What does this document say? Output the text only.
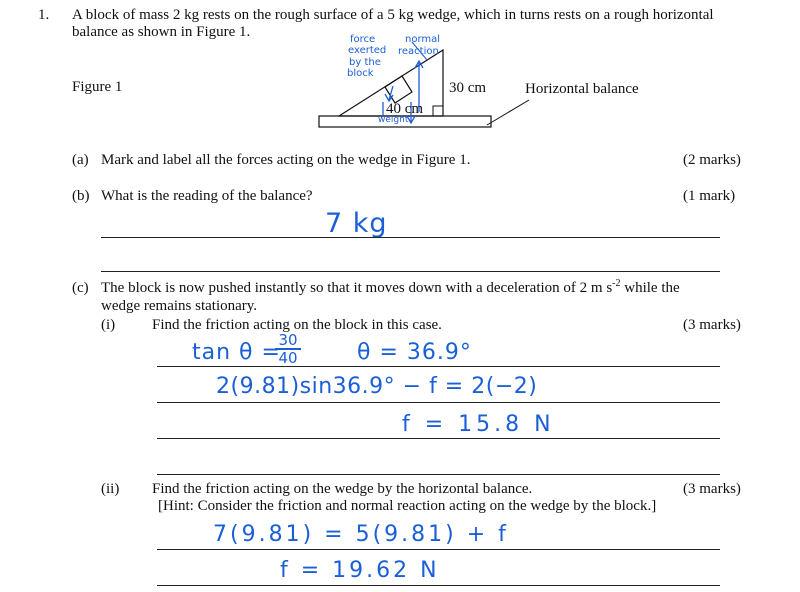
1. A block of mass 2 kg rests on the rough surface of a 5 kg wedge, which in turns rests on a rough horizontal
balance as shown in Figure 1.
Figure 1	30 cm
40 cm
Horizontal balance
force
exerted
by the
block
normal
reaction
weight
(a) Mark and label all the forces acting on the wedge in Figure 1.	(2 marks)
(b) What is the reading of the balance?	(1 mark)
7 kg
(c) The block is now pushed instantly so that it moves down with a deceleration of 2 m $s^{-2}$ while the
wedge remains stationary.
(i) Find the friction acting on the block in this case.	(3 marks)
tan θ =
30
40	θ = 36.9°
2(9.81)sin36.9° − f = 2(−2)
f = 15.8 N
(ii) Find the friction acting on the wedge by the horizontal balance.	(3 marks)
[Hint: Consider the friction and normal reaction acting on the wedge by the block.]
7(9.81) = 5(9.81) + f
f = 19.62 N
